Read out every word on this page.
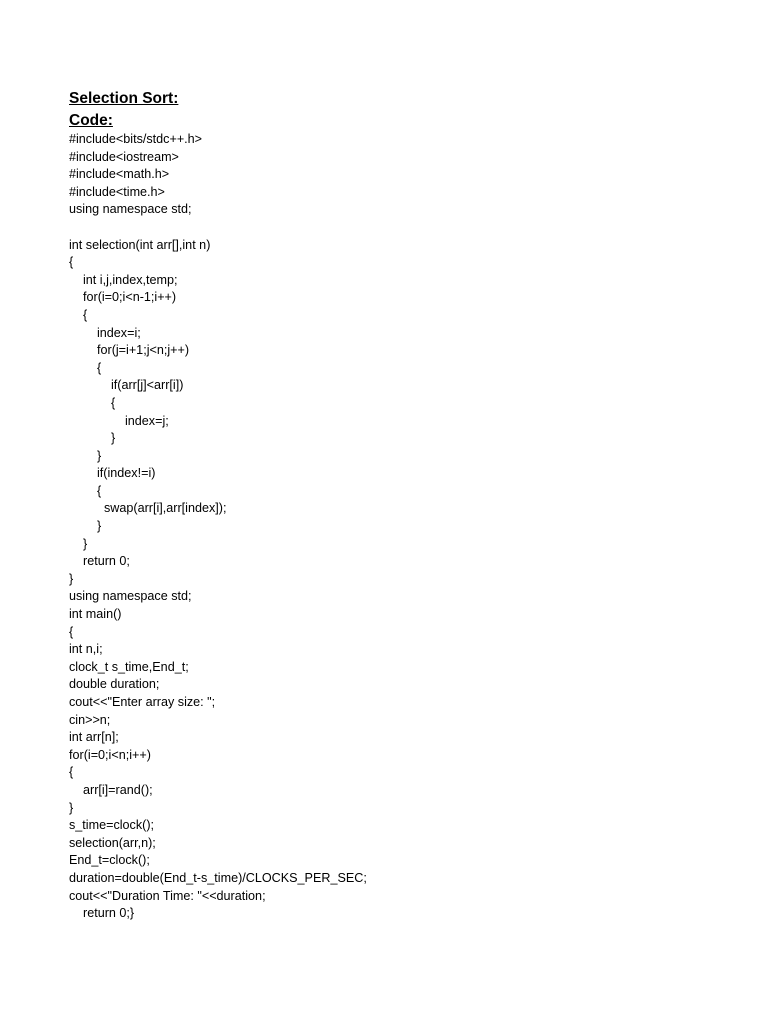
Selection Sort:
Code:
#include<bits/stdc++.h>
#include<iostream>
#include<math.h>
#include<time.h>
using namespace std;
int selection(int arr[],int n)
{
int i,j,index,temp;
for(i=0;i<n-1;i++)
{
index=i;
for(j=i+1;j<n;j++)
{
if(arr[j]<arr[i])
{
index=j;
}
}
if(index!=i)
{
swap(arr[i],arr[index]);
}
}
return 0;
}
using namespace std;
int main()
{
int n,i;
clock_t s_time,End_t;
double duration;
cout<<"Enter array size: ";
cin>>n;
int arr[n];
for(i=0;i<n;i++)
{
arr[i]=rand();
}
s_time=clock();
selection(arr,n);
End_t=clock();
duration=double(End_t-s_time)/CLOCKS_PER_SEC;
cout<<"Duration Time: "<<duration;
return 0;}
